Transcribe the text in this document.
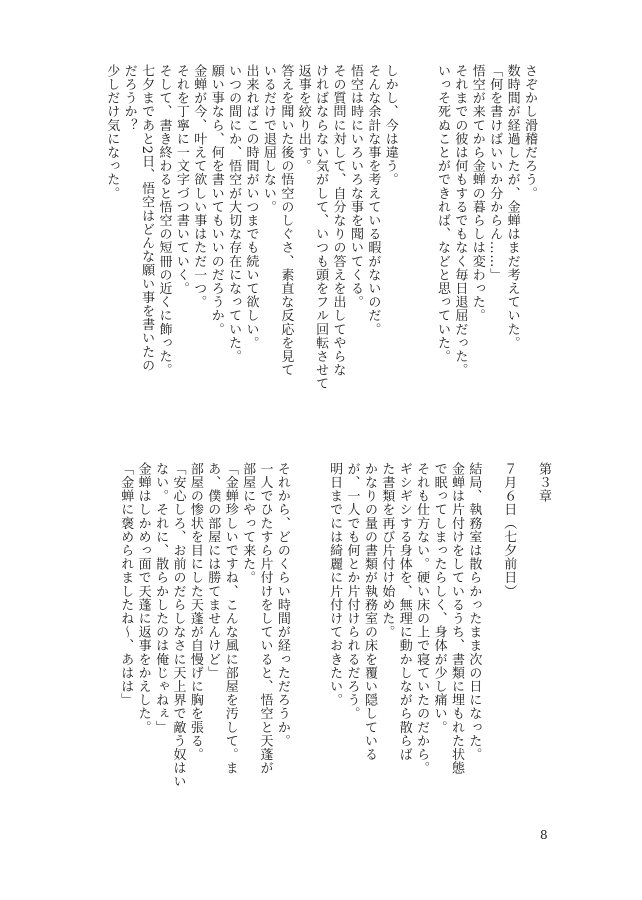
さぞかし滑稽だろう。

数時間が経過したが、金蝉はまだ考えていた。

「何を書けばいいか分からん……」

悟空が来てから金蝉の暮らしは変わった。

それまでの彼は何もするでもなく毎日退屈だった。

いっそ死ぬことができれば、などと思っていた。

しかし、今は違う。

そんな余計な事を考えている暇がないのだ。

悟空は時にいろいろな事を聞いてくる。

その質問に対して、自分なりの答えを出してやらな

ければならない気がして、いつも頭をフル回転させて

返事を絞り出す。

答えを聞いた後の悟空のしぐさ、素直な反応を見て

いるだけで退屈しない。

出来ればこの時間がいつまでも続いて欲しい。

いつの間にか、悟空が大切な存在になっていた。

願い事なら、何を書いてもいいのだろうか。

金蝉が今、叶えて欲しい事はただ一つ。

それを丁寧に一文字づつ書いていく。

そして、書き終わると悟空の短冊の近くに飾った。

七夕まであと2日、悟空はどんな願い事を書いたの

だろうか？

少しだけ気になった。

第３章

７月６日（七夕前日）

結局、執務室は散らかったまま次の日になった。

金蝉は片付けをしているうち、書類に埋もれた状態

で眠ってしまったらしく、身体が少し痛い。

それも仕方ない。硬い床の上で寝ていたのだから。

ギシギシする身体を、無理に動かしながら散らば

た書類を再び片付け始めた。

かなりの量の書類が執務室の床を覆い隠している

が、一人でも何とか片付けられるだろう。

明日までには綺麗に片付けておきたい。

それから、どのくらい時間が経っただろうか。

一人でひたすら片付けをしていると、悟空と天蓬が

部屋にやって来た。

「金蝉珍しいですね、こんな風に部屋を汚して。ま

あ、僕の部屋には勝てませんけど」

部屋の惨状を目にした天蓬が自慢げに胸を張る。

「安心しろ、お前のだらしなさに天上界で敵う奴はい

ない。それに、散らかしたのは俺じゃねぇ」

金蝉はしかめっ面で天蓬に返事をかえした。

「金蝉に褒められましたね～、あはは」

8
